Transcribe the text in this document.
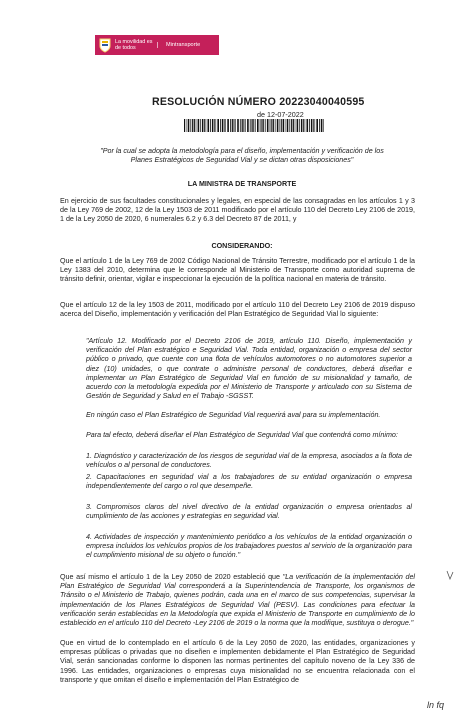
La movilidad es de todos	Mintransporte
RESOLUCIÓN NÚMERO 20223040040595
de 12-07-2022
"Por la cual se adopta la metodología para el diseño, implementación y verificación de los Planes Estratégicos de Seguridad Vial y se dictan otras disposiciones"
LA MINISTRA DE TRANSPORTE
En ejercicio de sus facultades constitucionales y legales, en especial de las consagradas en los artículos 1 y 3 de la Ley 769 de 2002, 12 de la Ley 1503 de 2011 modificado por el artículo 110 del Decreto Ley 2106 de 2019, 1 de la Ley 2050 de 2020, 6 numerales 6.2 y 6.3 del Decreto 87 de 2011, y
CONSIDERANDO:
Que el artículo 1 de la Ley 769 de 2002 Código Nacional de Tránsito Terrestre, modificado por el artículo 1 de la Ley 1383 del 2010, determina que le corresponde al Ministerio de Transporte como autoridad suprema de tránsito definir, orientar, vigilar e inspeccionar la ejecución de la política nacional en materia de tránsito.
Que el artículo 12 de la ley 1503 de 2011, modificado por el artículo 110 del Decreto Ley 2106 de 2019 dispuso acerca del Diseño, implementación y verificación del Plan Estratégico de Seguridad Vial lo siguiente:
"Artículo 12. Modificado por el Decreto 2106 de 2019, artículo 110. Diseño, implementación y verificación del Plan estratégico e Seguridad Vial. Toda entidad, organización o empresa del sector público o privado, que cuente con una flota de vehículos automotores o no automotores superior a diez (10) unidades, o que contrate o administre personal de conductores, deberá diseñar e implementar un Plan Estratégico de Seguridad Vial en función de su misionalidad y tamaño, de acuerdo con la metodología expedida por el Ministerio de Transporte y articulado con su Sistema de Gestión de Seguridad y Salud en el Trabajo -SGSST.
En ningún caso el Plan Estratégico de Seguridad Vial requerirá aval para su implementación.
Para tal efecto, deberá diseñar el Plan Estratégico de Seguridad Vial que contendrá como mínimo:
1. Diagnóstico y caracterización de los riesgos de seguridad vial de la empresa, asociados a la flota de vehículos o al personal de conductores.
2. Capacitaciones en seguridad vial a los trabajadores de su entidad organización o empresa independientemente del cargo o rol que desempeñe.
3. Compromisos claros del nivel directivo de la entidad organización o empresa orientados al cumplimiento de las acciones y estrategias en seguridad vial.
4. Actividades de inspección y mantenimiento periódico a los vehículos de la entidad organización o empresa incluidos los vehículos propios de los trabajadores puestos al servicio de la organización para el cumplimiento misional de su objeto o función."
Que así mismo el artículo 1 de la Ley 2050 de 2020 estableció que "La verificación de la implementación del Plan Estratégico de Seguridad Vial corresponderá a la Superintendencia de Transporte, los organismos de Tránsito o el Ministerio de Trabajo, quienes podrán, cada una en el marco de sus competencias, supervisar la implementación de los Planes Estratégicos de Seguridad Vial (PESV). Las condiciones para efectuar la verificación serán establecidas en la Metodología que expida el Ministerio de Transporte en cumplimiento de lo establecido en el artículo 110 del Decreto -Ley 2106 de 2019 o la norma que la modifique, sustituya o derogue."
Que en virtud de lo contemplado en el artículo 6 de la Ley 2050 de 2020, las entidades, organizaciones y empresas públicas o privadas que no diseñen e implementen debidamente el Plan Estratégico de Seguridad Vial, serán sancionadas conforme lo disponen las normas pertinentes del capítulo noveno de la Ley 336 de 1996. Las entidades, organizaciones o empresas cuya misionalidad no se encuentra relacionada con el transporte y que omitan el diseño e implementación del Plan Estratégico de
ln fq
